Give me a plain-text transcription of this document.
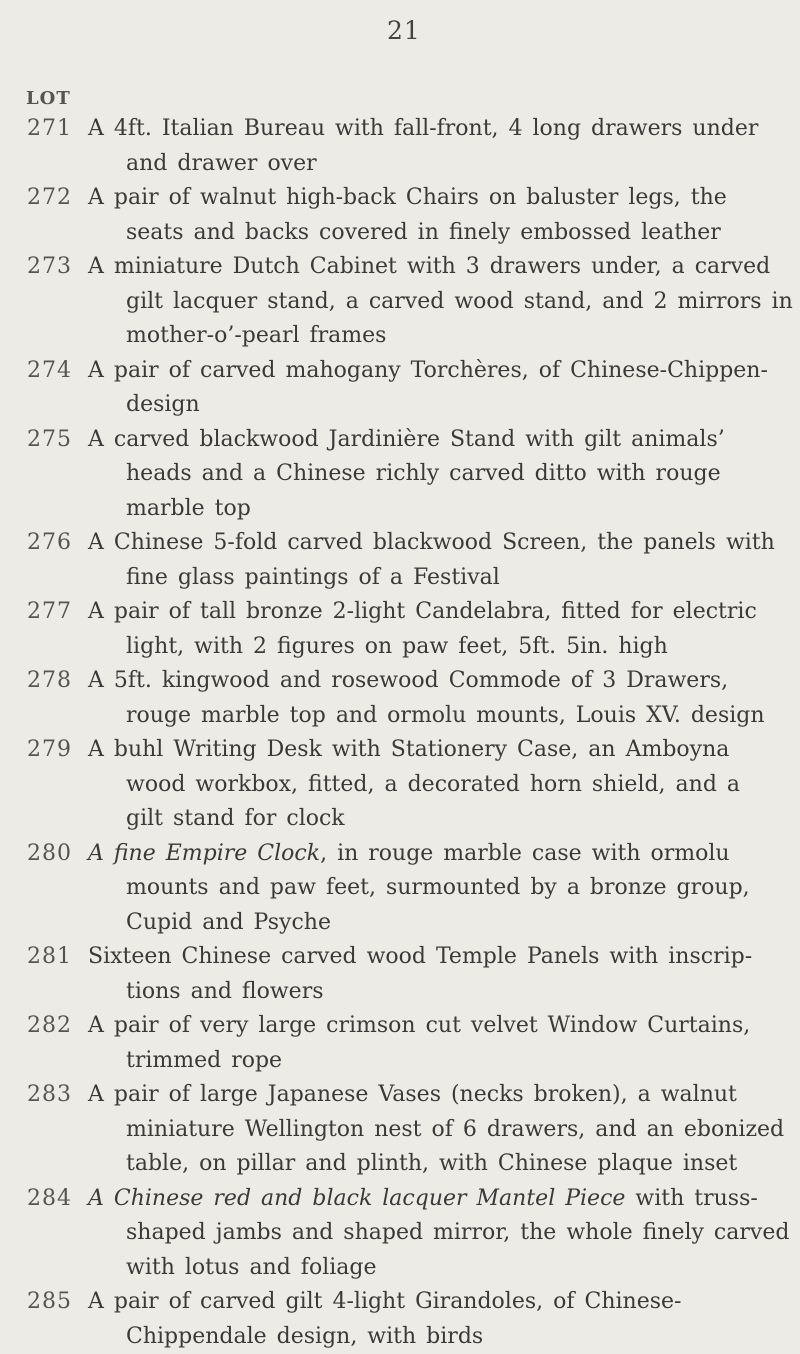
21
LOT
271 A 4ft. Italian Bureau with fall-front, 4 long drawers under
and drawer over
272 A pair of walnut high-back Chairs on baluster legs, the
seats and backs covered in finely embossed leather
273 A miniature Dutch Cabinet with 3 drawers under, a carved
gilt lacquer stand, a carved wood stand, and 2 mirrors in
mother-o’-pearl frames
274 A pair of carved mahogany Torchères, of Chinese-Chippen-
design
275 A carved blackwood Jardinière Stand with gilt animals’
heads and a Chinese richly carved ditto with rouge
marble top
276 A Chinese 5-fold carved blackwood Screen, the panels with
fine glass paintings of a Festival
277 A pair of tall bronze 2-light Candelabra, fitted for electric
light, with 2 figures on paw feet, 5ft. 5in. high
278 A 5ft. kingwood and rosewood Commode of 3 Drawers,
rouge marble top and ormolu mounts, Louis XV. design
279 A buhl Writing Desk with Stationery Case, an Amboyna
wood workbox, fitted, a decorated horn shield, and a
gilt stand for clock
280 A fine Empire Clock, in rouge marble case with ormolu
mounts and paw feet, surmounted by a bronze group,
Cupid and Psyche
281 Sixteen Chinese carved wood Temple Panels with inscrip-
tions and flowers
282 A pair of very large crimson cut velvet Window Curtains,
trimmed rope
283 A pair of large Japanese Vases (necks broken), a walnut
miniature Wellington nest of 6 drawers, and an ebonized
table, on pillar and plinth, with Chinese plaque inset
284 A Chinese red and black lacquer Mantel Piece with truss-
shaped jambs and shaped mirror, the whole finely carved
with lotus and foliage
285 A pair of carved gilt 4-light Girandoles, of Chinese-
Chippendale design, with birds
